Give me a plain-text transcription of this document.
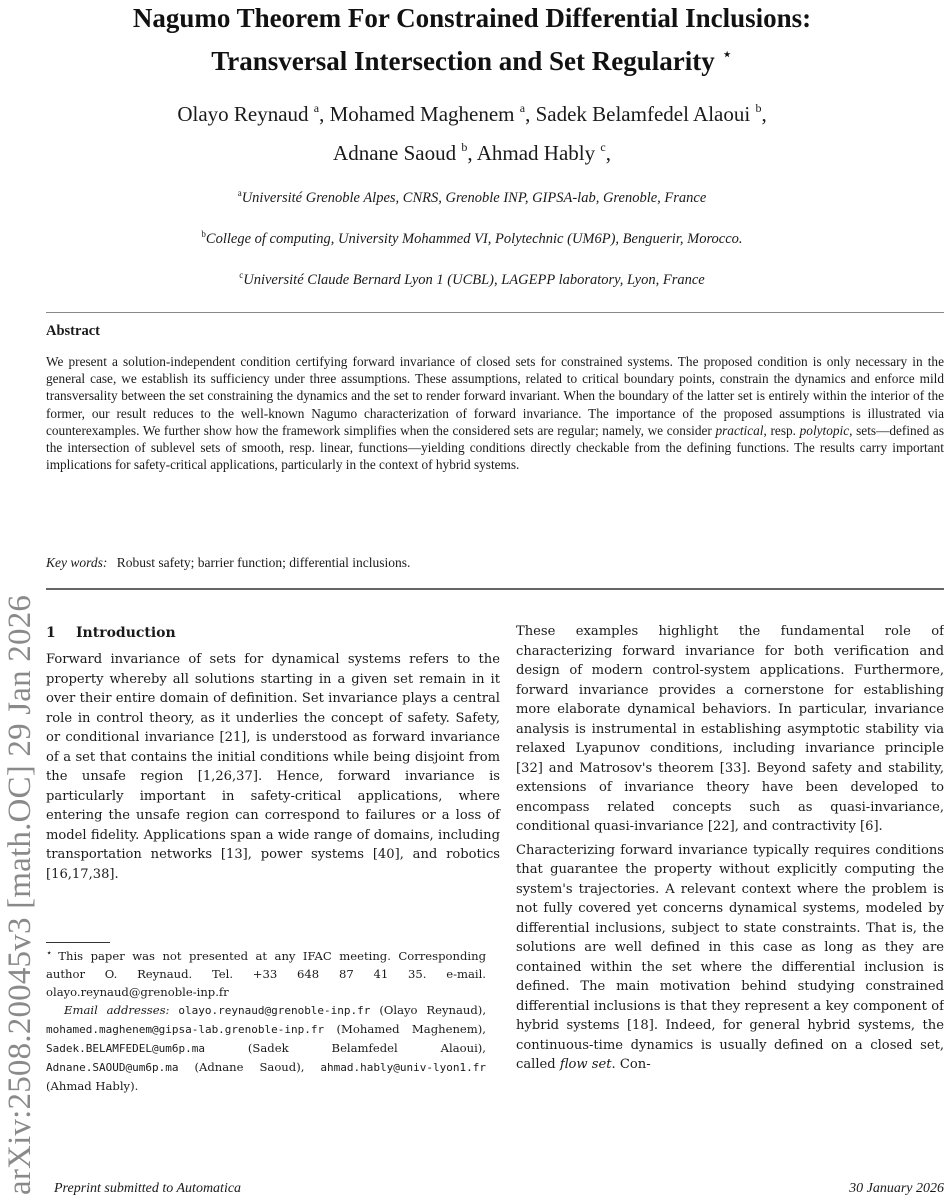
arXiv:2508.20045v3 [math.OC] 29 Jan 2026
Nagumo Theorem For Constrained Differential Inclusions:
Transversal Intersection and Set Regularity ⋆
Olayo Reynaud $^a$, Mohamed Maghenem $^a$, Sadek Belamfedel Alaoui $^b$,
Adnane Saoud $^b$, Ahmad Hably $^c$,
$^a$Université Grenoble Alpes, CNRS, Grenoble INP, GIPSA-lab, Grenoble, France
$^b$College of computing, University Mohammed VI, Polytechnic (UM6P), Benguerir, Morocco.
$^c$Université Claude Bernard Lyon 1 (UCBL), LAGEPP laboratory, Lyon, France
Abstract
We present a solution-independent condition certifying forward invariance of closed sets for constrained systems. The proposed condition is only necessary in the general case, we establish its sufficiency under three assumptions. These assumptions, related to critical boundary points, constrain the dynamics and enforce mild transversality between the set constraining the dynamics and the set to render forward invariant. When the boundary of the latter set is entirely within the interior of the former, our result reduces to the well-known Nagumo characterization of forward invariance. The importance of the proposed assumptions is illustrated via counterexamples. We further show how the framework simplifies when the considered sets are regular; namely, we consider practical, resp. polytopic, sets—defined as the intersection of sublevel sets of smooth, resp. linear, functions—yielding conditions directly checkable from the defining functions. The results carry important implications for safety-critical applications, particularly in the context of hybrid systems.
Key words: Robust safety; barrier function; differential inclusions.
1 Introduction

Forward invariance of sets for dynamical systems refers to the property whereby all solutions starting in a given set remain in it over their entire domain of definition. Set invariance plays a central role in control theory, as it underlies the concept of safety. Safety, or conditional invariance [21], is understood as forward invariance of a set that contains the initial conditions while being disjoint from the unsafe region [1,26,37]. Hence, forward invariance is particularly important in safety-critical applications, where entering the unsafe region can correspond to failures or a loss of model fidelity. Applications span a wide range of domains, including transportation networks [13], power systems [40], and robotics [16,17,38].

⋆ This paper was not presented at any IFAC meeting. Corresponding author O. Reynaud. Tel. +33 648 87 41 35. e-mail. olayo.reynaud@grenoble-inp.fr
Email addresses: olayo.reynaud@grenoble-inp.fr (Olayo Reynaud), mohamed.maghenem@gipsa-lab.grenoble-inp.fr (Mohamed Maghenem), Sadek.BELAMFEDEL@um6p.ma	(Sadek Belamfedel Alaoui), Adnane.SAOUD@um6p.ma (Adnane Saoud), ahmad.hably@univ-lyon1.fr (Ahmad Hably).

These examples highlight the fundamental role of characterizing forward invariance for both verification and design of modern control-system applications. Furthermore, forward invariance provides a cornerstone for establishing more elaborate dynamical behaviors. In particular, invariance analysis is instrumental in establishing asymptotic stability via relaxed Lyapunov conditions, including invariance principle [32] and Matrosov's theorem [33]. Beyond safety and stability, extensions of invariance theory have been developed to encompass related concepts such as quasi-invariance, conditional quasi-invariance [22], and contractivity [6].

Characterizing forward invariance typically requires conditions that guarantee the property without explicitly computing the system's trajectories. A relevant context where the problem is not fully covered yet concerns dynamical systems, modeled by differential inclusions, subject to state constraints. That is, the solutions are well defined in this case as long as they are contained within the set where the differential inclusion is defined. The main motivation behind studying constrained differential inclusions is that they represent a key component of hybrid systems [18]. Indeed, for general hybrid systems, the continuous-time dynamics is usually defined on a closed set, called flow set. Con-

Preprint submitted to Automatica	30 January 2026
